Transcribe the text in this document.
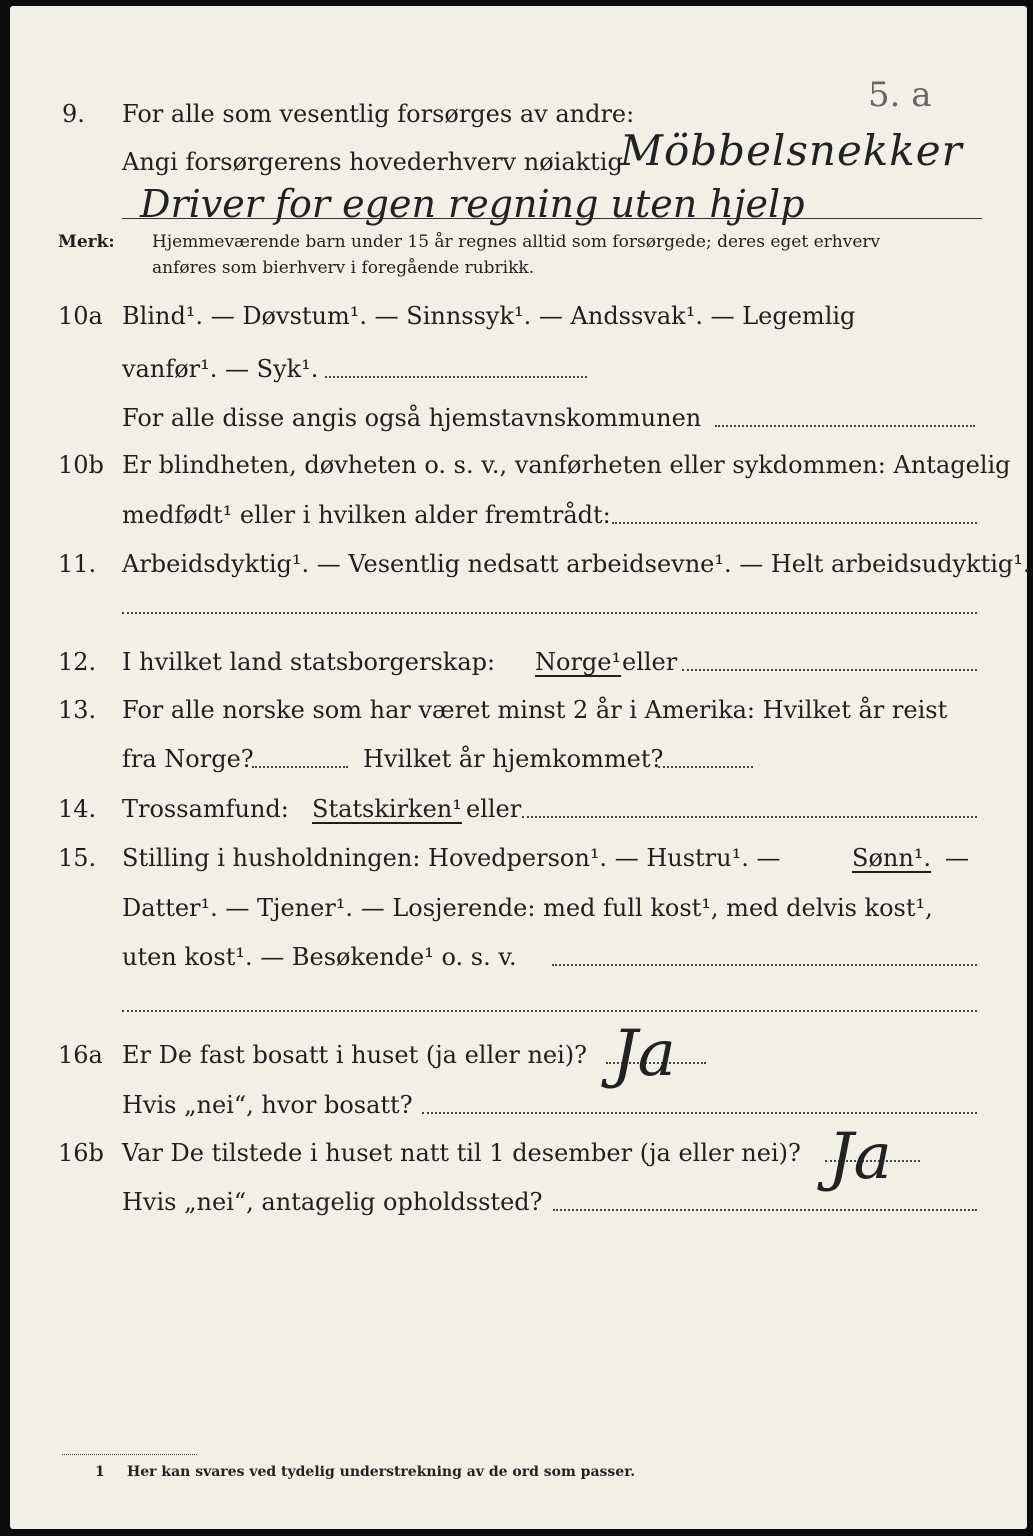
5. a
9. For alle som vesentlig forsørges av andre:
Angi forsørgerens hovederhverv nøiaktig
Möbbelsnekker
Driver for egen regning uten hjelp
Merk: Hjemmeværende barn under 15 år regnes alltid som forsørgede; deres eget erhverv
anføres som bierhverv i foregående rubrikk.
10a Blind¹. — Døvstum¹. — Sinnssyk¹. — Andssvak¹. — Legemlig
vanfør¹. — Syk¹.
For alle disse angis også hjemstavnskommunen
10b Er blindheten, døvheten o. s. v., vanførheten eller sykdommen: Antagelig
medfødt¹ eller i hvilken alder fremtrådt:
11. Arbeidsdyktig¹. — Vesentlig nedsatt arbeidsevne¹. — Helt arbeidsudyktig¹.
12. I hvilket land statsborgerskap: Norge¹ eller
13. For alle norske som har været minst 2 år i Amerika: Hvilket år reist
fra Norge?	Hvilket år hjemkommet?
14. Trossamfund: Statskirken¹ eller
15. Stilling i husholdningen: Hovedperson¹. — Hustru¹. —	Sønn¹. —
Datter¹. — Tjener¹. — Losjerende: med full kost¹, med delvis kost¹,
uten kost¹. — Besøkende¹ o. s. v.
16a Er De fast bosatt i huset (ja eller nei)? Ja
Hvis „nei“, hvor bosatt?
16b Var De tilstede i huset natt til 1 desember (ja eller nei)? Ja
Hvis „nei“, antagelig opholdssted?
1 Her kan svares ved tydelig understrekning av de ord som passer.
